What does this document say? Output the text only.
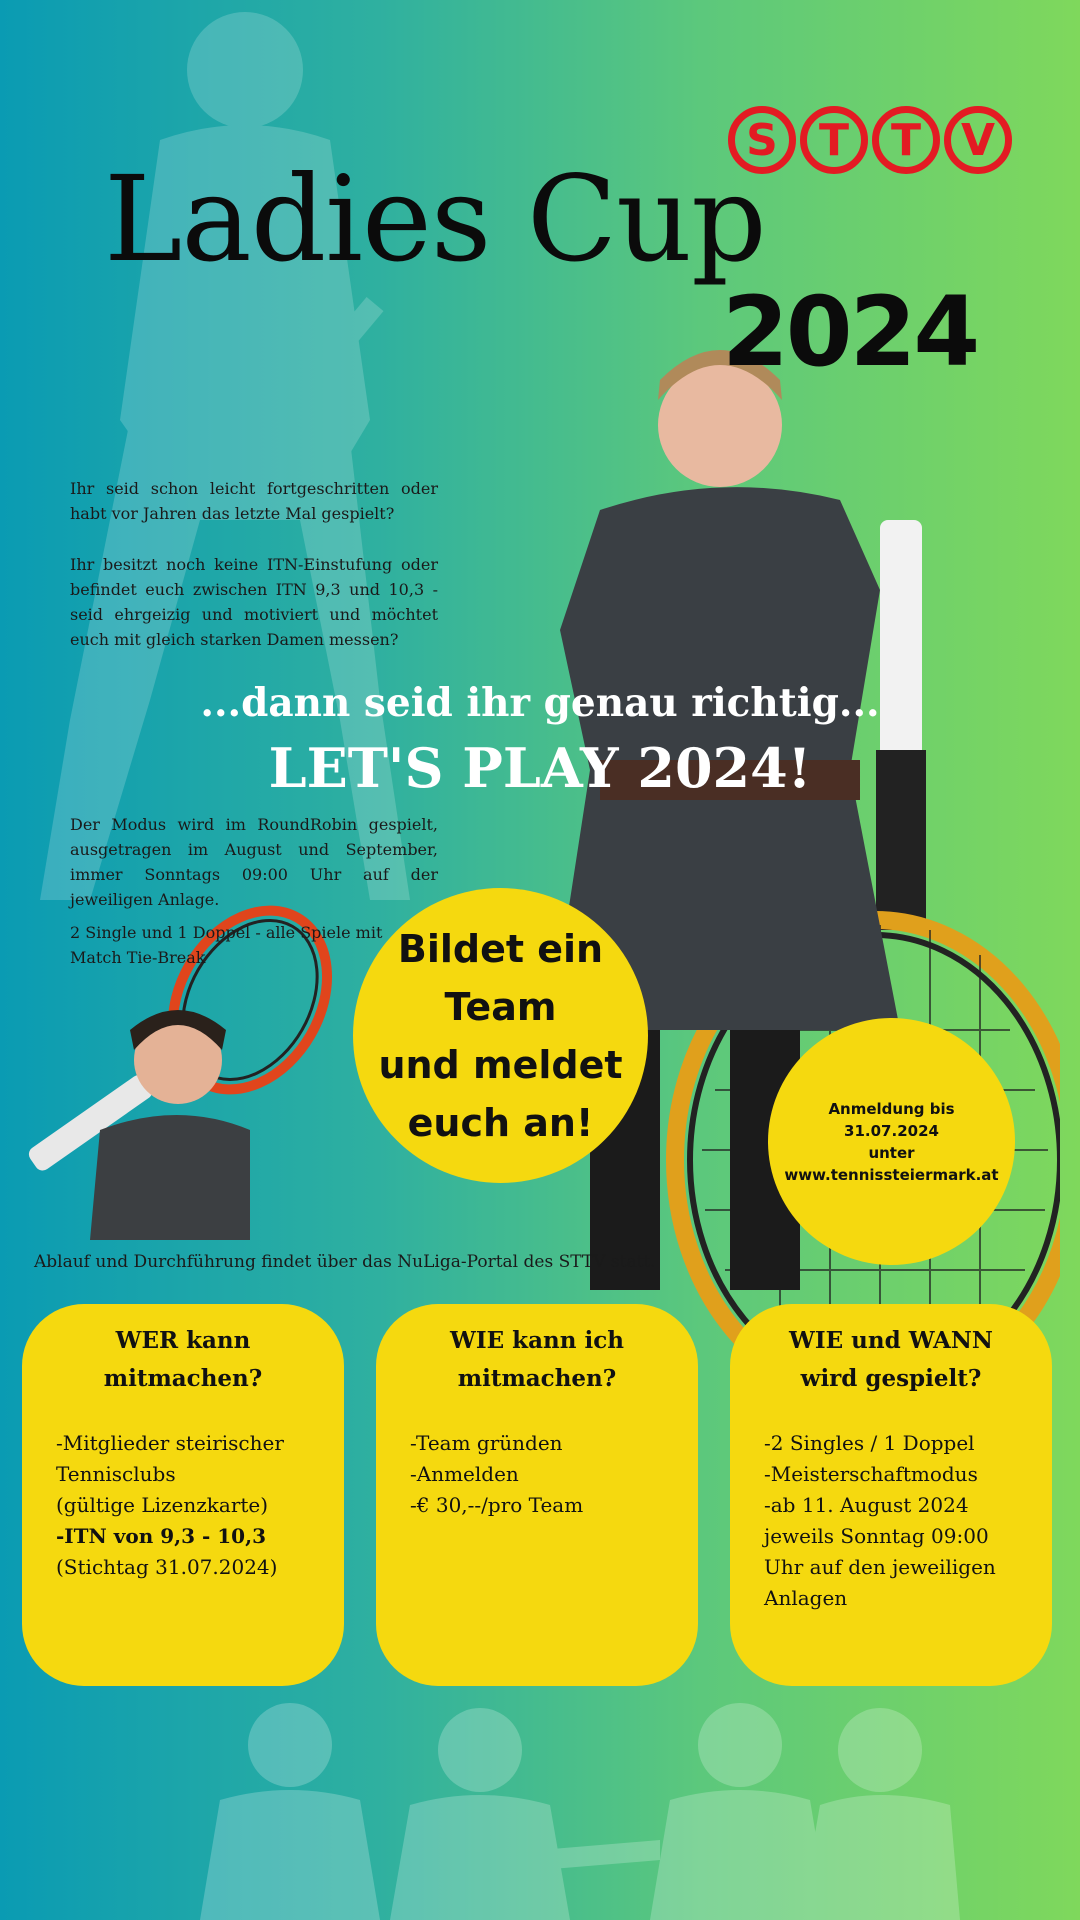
S T T V
Ladies Cup
2024
Ihr seid schon leicht fortgeschritten oder habt vor Jahren das letzte Mal gespielt?
Ihr besitzt noch keine ITN-Einstufung oder befindet euch zwischen ITN 9,3 und 10,3 - seid ehrgeizig und motiviert und möchtet euch mit gleich starken Damen messen?
...dann seid ihr genau richtig...
LET'S PLAY 2024!
Der Modus wird im RoundRobin gespielt, ausgetragen im August und September, immer Sonntags 09:00 Uhr auf der jeweiligen Anlage.
2 Single und 1 Doppel - alle Spiele mit Match Tie-Break	Bildet ein
Team
und meldet
euch an!	Anmeldung bis
31.07.2024
unter
www.tennissteiermark.at
Ablauf und Durchführung findet über das NuLiga-Portal des STTV statt.
WER kann
mitmachen?
-Mitglieder steirischer
Tennisclubs
(gültige Lizenzkarte)
-ITN von 9,3 - 10,3
(Stichtag 31.07.2024)
WIE kann ich
mitmachen?
-Team gründen
-Anmelden
-€ 30,--/pro Team
WIE und WANN
wird gespielt?
-2 Singles / 1 Doppel
-Meisterschaftmodus
-ab 11. August 2024
jeweils Sonntag 09:00
Uhr auf den jeweiligen
Anlagen
